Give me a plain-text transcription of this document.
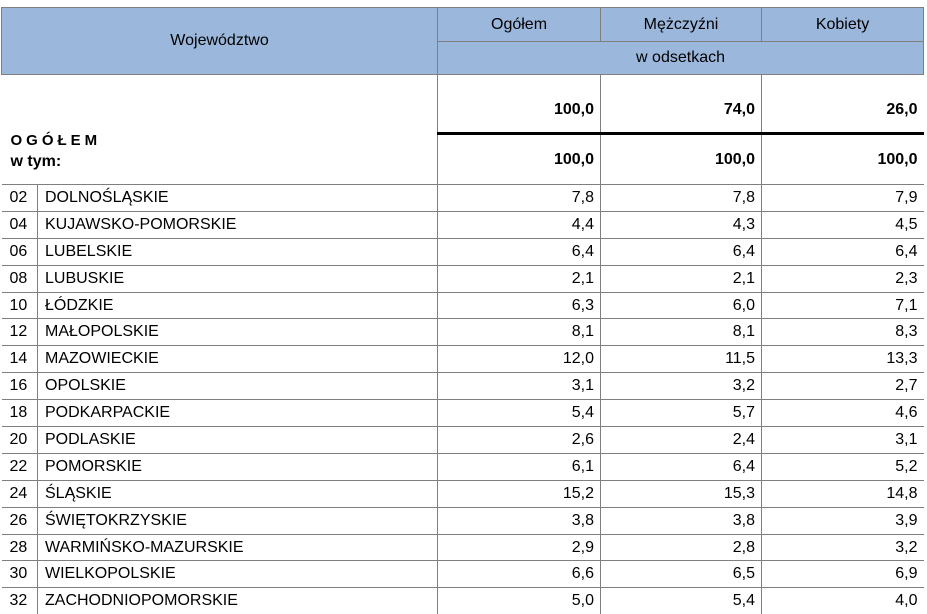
Województwo		Ogółem	Mężczyźni	Kobiety
		w odsetkach		

OGÓŁEM
w tym:		100,0	74,0	26,0
		100,0	100,0	100,0
02	DOLNOŚLĄSKIE	7,8	7,8	7,9
04	KUJAWSKO-POMORSKIE	4,4	4,3	4,5
06	LUBELSKIE	6,4	6,4	6,4
08	LUBUSKIE	2,1	2,1	2,3
10	ŁÓDZKIE	6,3	6,0	7,1
12	MAŁOPOLSKIE	8,1	8,1	8,3
14	MAZOWIECKIE	12,0	11,5	13,3
16	OPOLSKIE	3,1	3,2	2,7
18	PODKARPACKIE	5,4	5,7	4,6
20	PODLASKIE	2,6	2,4	3,1
22	POMORSKIE	6,1	6,4	5,2
24	ŚLĄSKIE	15,2	15,3	14,8
26	ŚWIĘTOKRZYSKIE	3,8	3,8	3,9
28	WARMIŃSKO-MAZURSKIE	2,9	2,8	3,2
30	WIELKOPOLSKIE	6,6	6,5	6,9
32	ZACHODNIOPOMORSKIE	5,0	5,4	4,0
